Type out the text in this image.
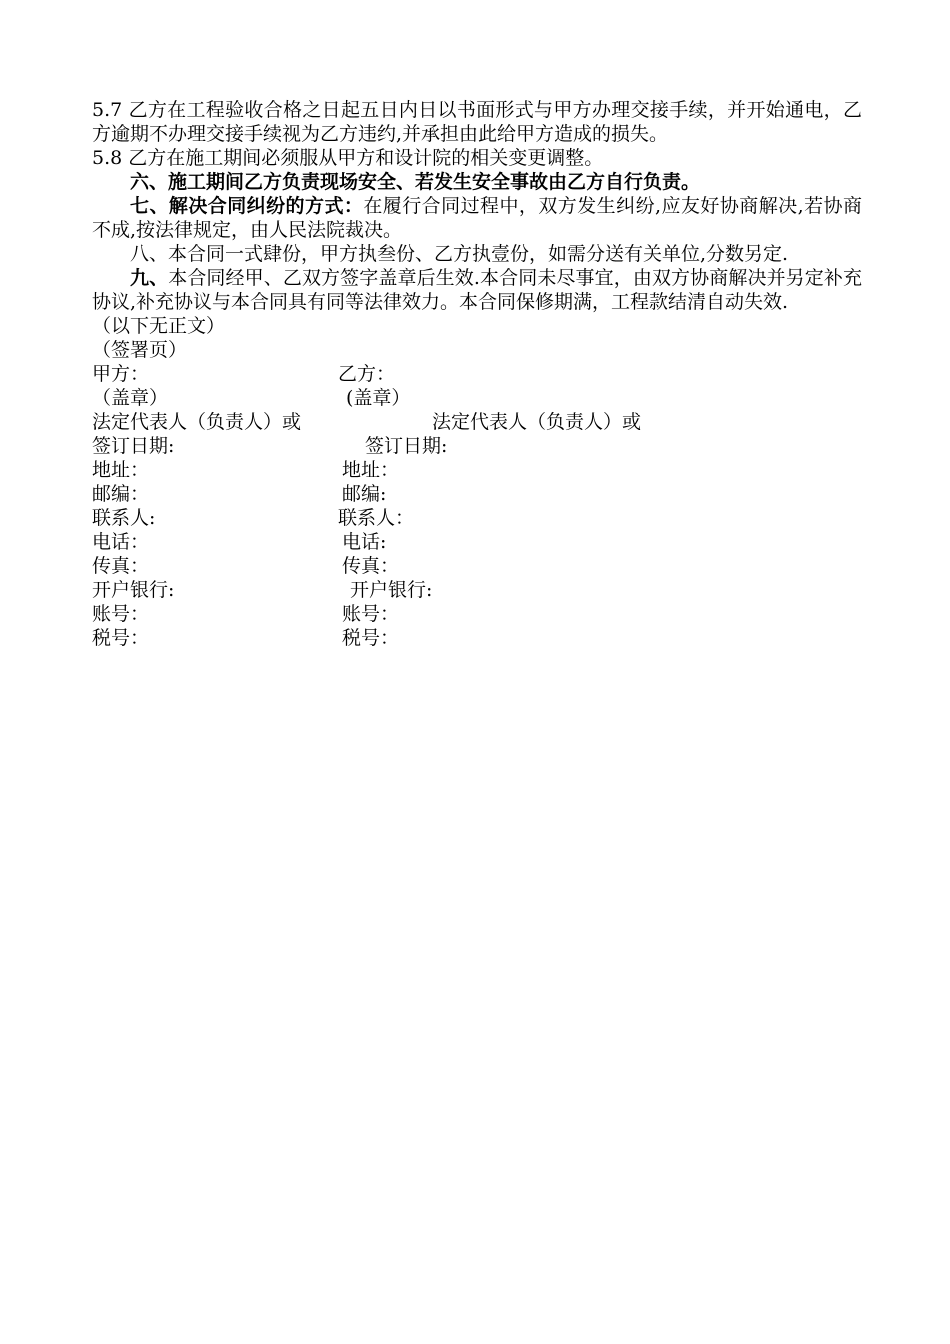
5.7 乙方在工程验收合格之日起五日内日以书面形式与甲方办理交接手续，并开始通电，乙方逾期不办理交接手续视为乙方违约,并承担由此给甲方造成的损失。

5.8 乙方在施工期间必须服从甲方和设计院的相关变更调整。

六、施工期间乙方负责现场安全、若发生安全事故由乙方自行负责。

七、解决合同纠纷的方式：在履行合同过程中，双方发生纠纷,应友好协商解决,若协商不成,按法律规定，由人民法院裁决。

八、本合同一式肆份，甲方执叁份、乙方执壹份，如需分送有关单位,分数另定.

九、本合同经甲、乙双方签字盖章后生效.本合同未尽事宜，由双方协商解决并另定补充协议,补充协议与本合同具有同等法律效力。本合同保修期满，工程款结清自动失效.

（以下无正文）
（签署页）
甲方：	乙方：
（盖章）	(盖章）
法定代表人（负责人）或	法定代表人（负责人）或
签订日期:	签订日期:
地址：	地址：
邮编：	邮编:
联系人:	联系人：
电话：	电话:
传真：	传真：
开户银行:	开户银行:
账号：	账号：
税号：	税号：
